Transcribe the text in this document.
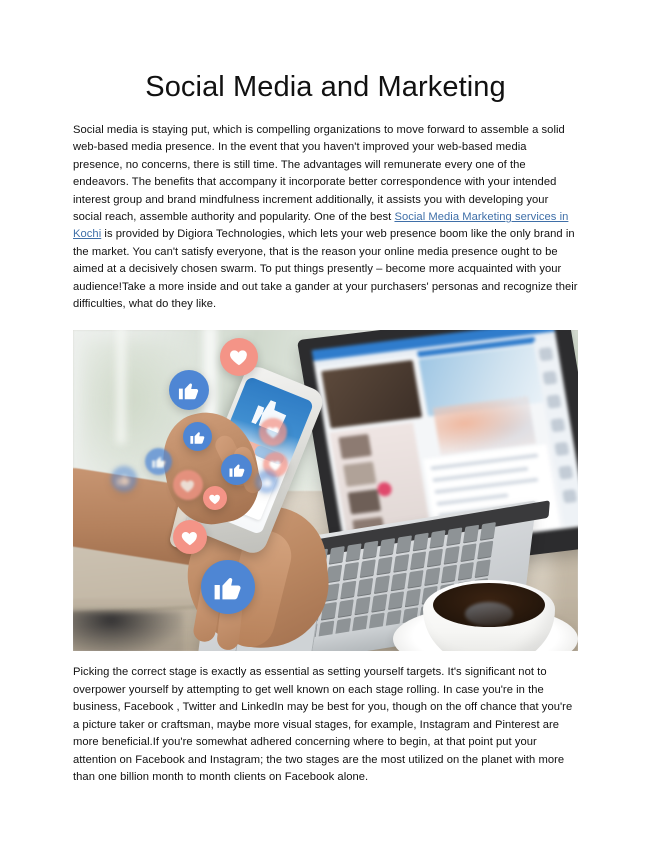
Social Media and Marketing

Social media is staying put, which is compelling organizations to move forward to assemble a solid web-based media presence. In the event that you haven't improved your web-based media presence, no concerns, there is still time. The advantages will remunerate every one of the endeavors. The benefits that accompany it incorporate better correspondence with your intended interest group and brand mindfulness increment additionally, it assists you with developing your social reach, assemble authority and popularity. One of the best Social Media Marketing services in Kochi is provided by Digiora Technologies, which lets your web presence boom like the only brand in the market. You can't satisfy everyone, that is the reason your online media presence ought to be aimed at a decisively chosen swarm. To put things presently – become more acquainted with your audience!Take a more inside and out take a gander at your purchasers' personas and recognize their difficulties, what do they like.

Picking the correct stage is exactly as essential as setting yourself targets. It's significant not to overpower yourself by attempting to get well known on each stage rolling. In case you're in the business, Facebook , Twitter and LinkedIn may be best for you, though on the off chance that you're a picture taker or craftsman, maybe more visual stages, for example, Instagram and Pinterest are more beneficial.If you're somewhat adhered concerning where to begin, at that point put your attention on Facebook and Instagram; the two stages are the most utilized on the planet with more than one billion month to month clients on Facebook alone.
